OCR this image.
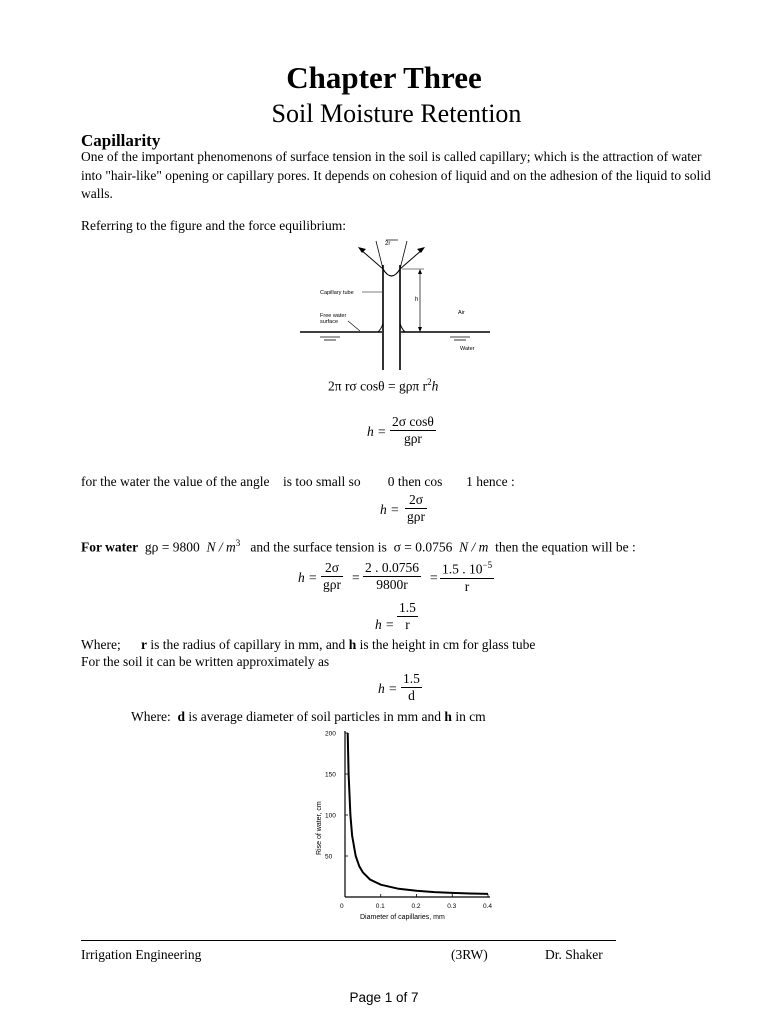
Chapter Three
Soil Moisture Retention
Capillarity
One of the important phenomenons of surface tension in the soil is called capillary; which is the attraction of water into "hair-like" opening or capillary pores. It depends on cohesion of liquid and on the adhesion of the liquid to solid walls.
Referring to the figure and the force equilibrium:
2r
h
Capillary tube
Free water
surface
Air
Water
2π rσ cosθ = gρπ $r^2h$
h =
2σ cosθ
gρr
for the water the value of the angle is too small so 0 then cos 1 hence :
h =
2σ
gρr
For water gρ = 9800 N / $m^3$ and the surface tension is σ = 0.0756 N / m then the equation will be :
h =
2σ
$g\rho r = \frac{2 . 0.0756}{9800r} = \frac{1.5 . 10^{-5}}{r}$
$h = \frac{1.5}{r}$
Where; r is the radius of capillary in mm, and h is the height in cm for glass tube
For the soil it can be written approximately as
$h = \frac{1.5}{d}$
Where: d is average diameter of soil particles in mm and h in cm
0	0.1	0.2	0.3	0.4
50
100
150
200
Diameter of capillaries, mm
Rise of water, cm
Irrigation Engineering	(3RW)	Dr. Shaker
Page 1 of 7
